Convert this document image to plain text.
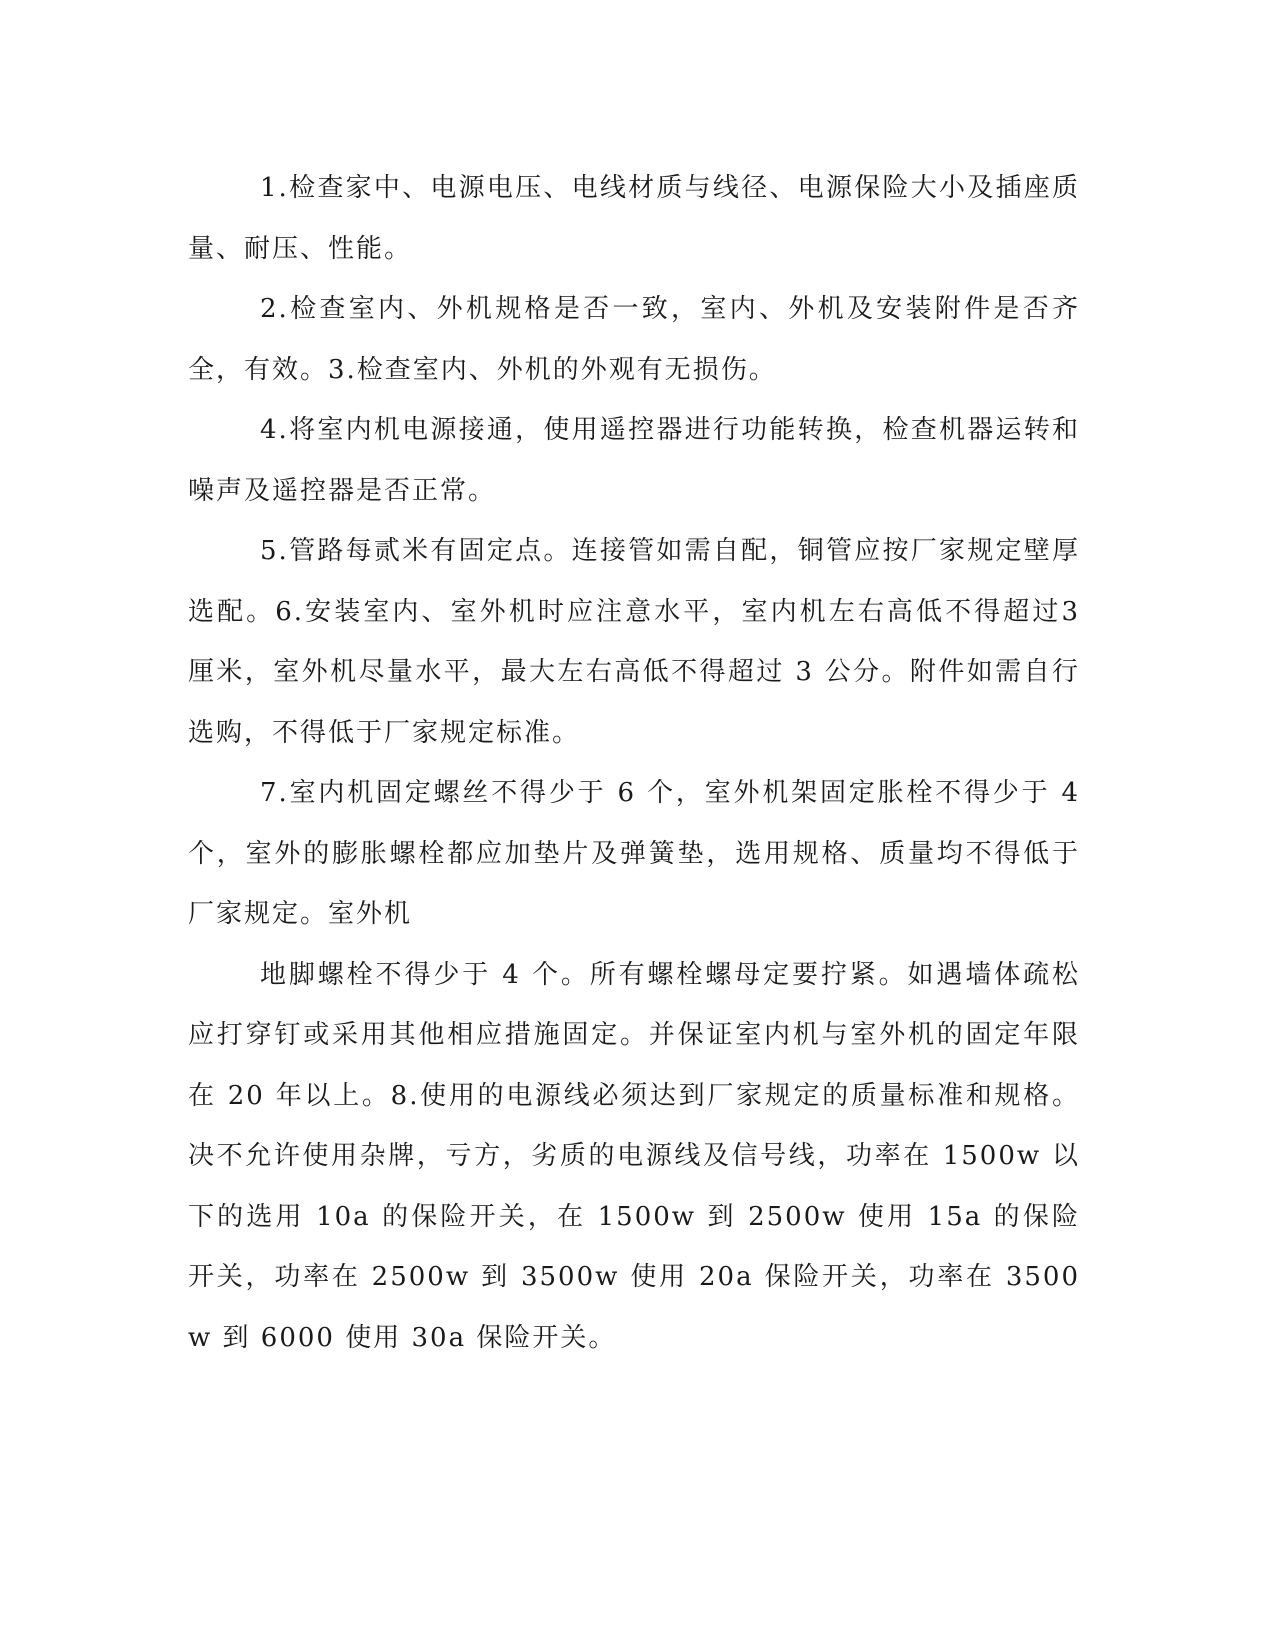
1.检查家中、电源电压、电线材质与线径、电源保险大小及插座质量、耐压、性能。

2.检查室内、外机规格是否一致，室内、外机及安装附件是否齐全，有效。3.检查室内、外机的外观有无损伤。

4.将室内机电源接通，使用遥控器进行功能转换，检查机器运转和噪声及遥控器是否正常。

5.管路每贰米有固定点。连接管如需自配，铜管应按厂家规定壁厚选配。6.安装室内、室外机时应注意水平，室内机左右高低不得超过3 厘米，室外机尽量水平，最大左右高低不得超过 3 公分。附件如需自行选购，不得低于厂家规定标准。

7.室内机固定螺丝不得少于 6 个，室外机架固定胀栓不得少于 4 个，室外的膨胀螺栓都应加垫片及弹簧垫，选用规格、质量均不得低于厂家规定。室外机

地脚螺栓不得少于 4 个。所有螺栓螺母定要拧紧。如遇墙体疏松应打穿钉或采用其他相应措施固定。并保证室内机与室外机的固定年限在 20 年以上。8.使用的电源线必须达到厂家规定的质量标准和规格。决不允许使用杂牌，亏方，劣质的电源线及信号线，功率在 1500w 以下的选用 10a 的保险开关，在 1500w 到 2500w 使用 15a 的保险开关，功率在 2500w 到 3500w 使用 20a 保险开关，功率在 3500w 到 6000 使用 30a 保险开关。
